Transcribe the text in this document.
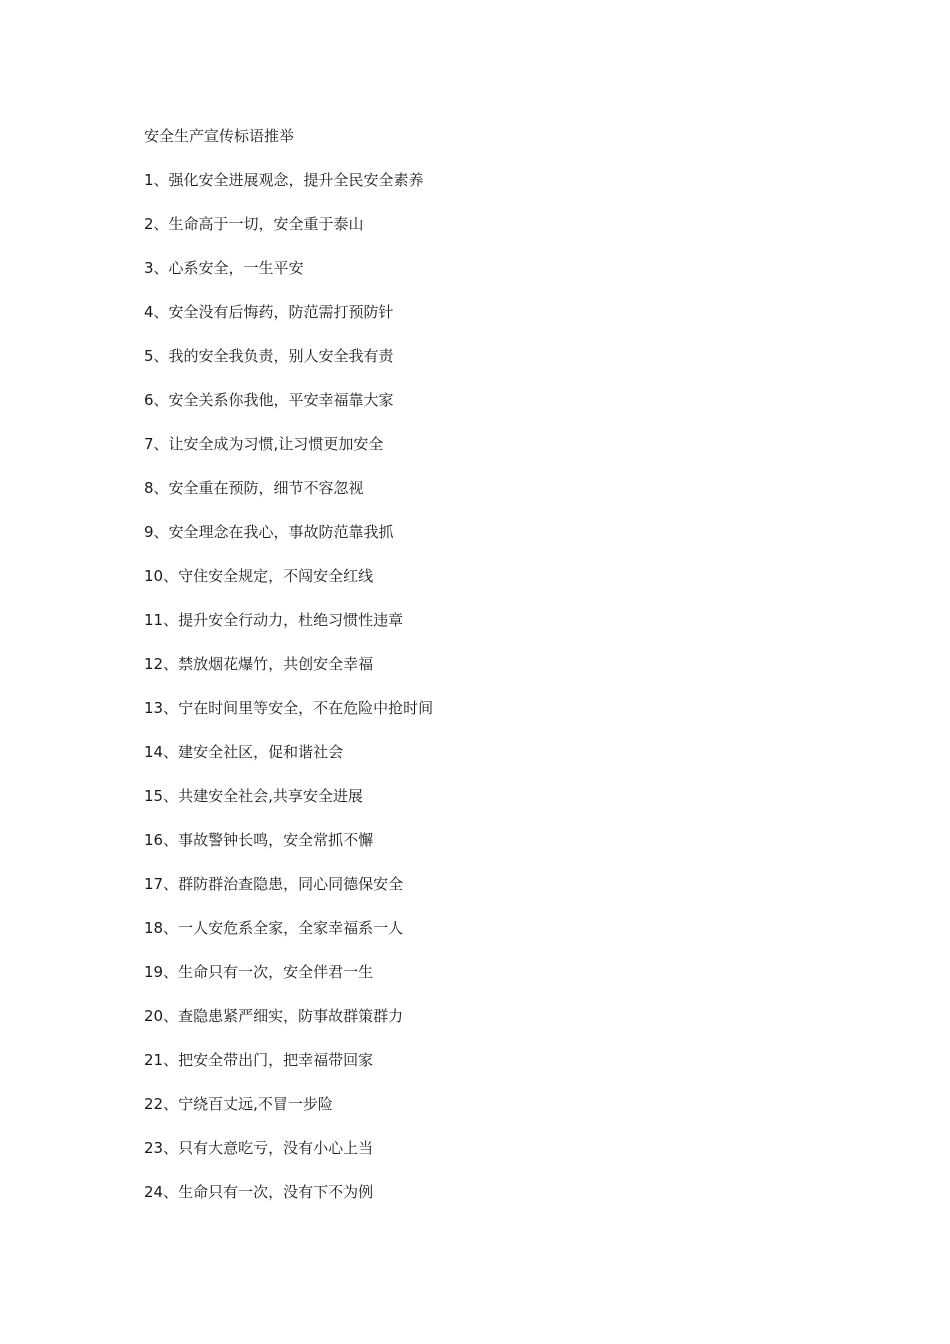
安全生产宣传标语推举
1、强化安全进展观念，提升全民安全素养
2、生命高于一切，安全重于泰山
3、心系安全，一生平安
4、安全没有后悔药，防范需打预防针
5、我的安全我负责，别人安全我有责
6、安全关系你我他，平安幸福靠大家
7、让安全成为习惯,让习惯更加安全
8、安全重在预防，细节不容忽视
9、安全理念在我心，事故防范靠我抓
10、守住安全规定，不闯安全红线
11、提升安全行动力，杜绝习惯性违章
12、禁放烟花爆竹，共创安全幸福
13、宁在时间里等安全，不在危险中抢时间
14、建安全社区，促和谐社会
15、共建安全社会,共享安全进展
16、事故警钟长鸣，安全常抓不懈
17、群防群治查隐患，同心同德保安全
18、一人安危系全家，全家幸福系一人
19、生命只有一次，安全伴君一生
20、查隐患紧严细实，防事故群策群力
21、把安全带出门，把幸福带回家
22、宁绕百丈远,不冒一步险
23、只有大意吃亏，没有小心上当
24、生命只有一次，没有下不为例
